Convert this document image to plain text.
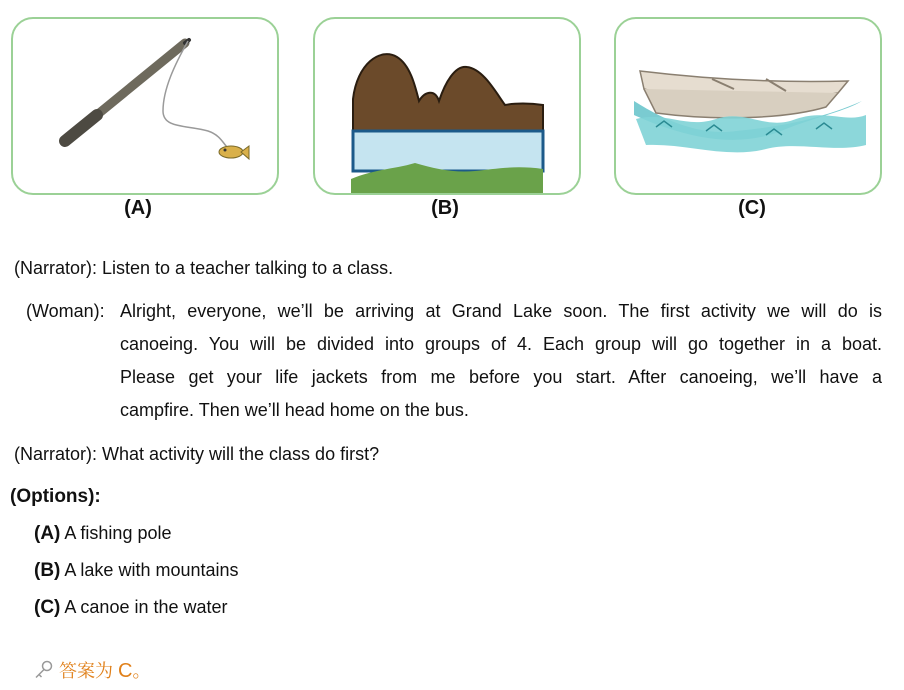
(A)	(B)	(C)
(Narrator): Listen to a teacher talking to a class.
(Woman): Alright, everyone, we’ll be arriving at Grand Lake soon. The first activity we will do is
canoeing. You will be divided into groups of 4. Each group will go together in a boat.
Please get your life jackets from me before you start. After canoeing, we’ll have a
campfire. Then we’ll head home on the bus.
(Narrator): What activity will the class do first?
(Options):
(A) A fishing pole
(B) A lake with mountains
(C) A canoe in the water
答案为 C。
